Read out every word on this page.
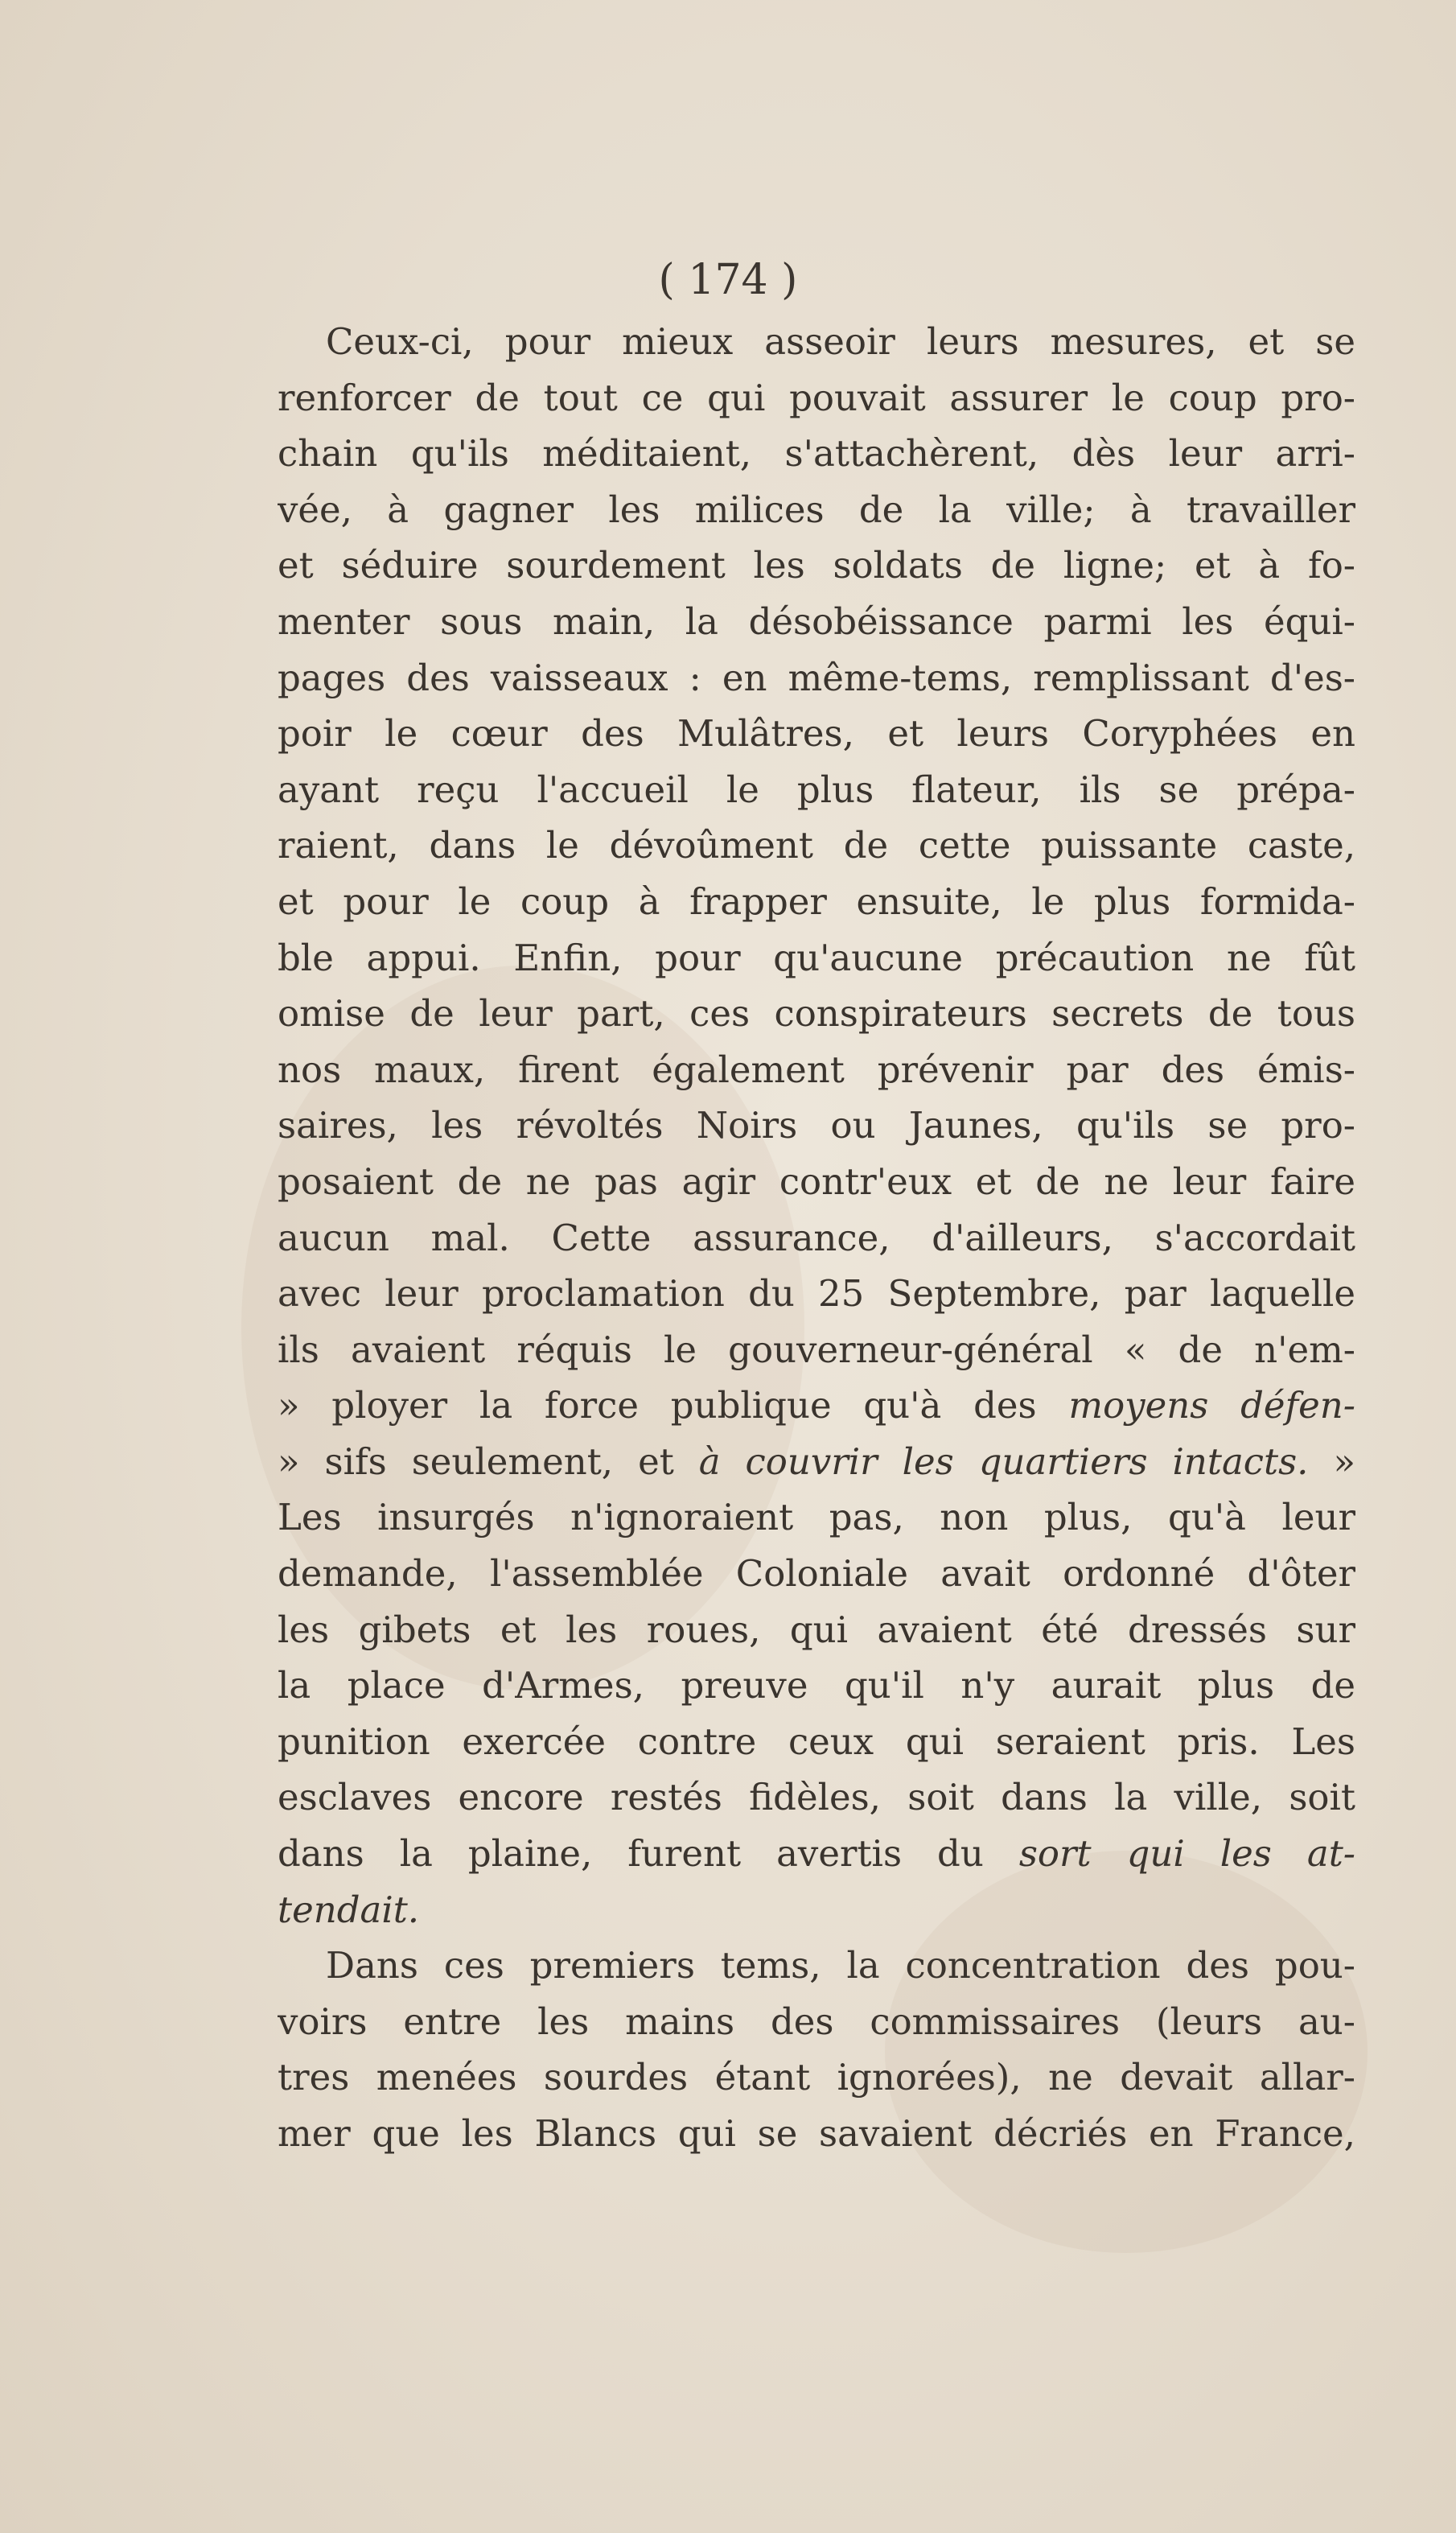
( 174 )
Ceux-ci, pour mieux asseoir leurs mesures, et se
renforcer de tout ce qui pouvait assurer le coup pro-
chain qu'ils méditaient, s'attachèrent, dès leur arri-
vée, à gagner les milices de la ville; à travailler
et séduire sourdement les soldats de ligne; et à fo-
menter sous main, la désobéissance parmi les équi-
pages des vaisseaux : en même-tems, remplissant d'es-
poir le cœur des Mulâtres, et leurs Coryphées en
ayant reçu l'accueil le plus flateur, ils se prépa-
raient, dans le dévoûment de cette puissante caste,
et pour le coup à frapper ensuite, le plus formida-
ble appui. Enfin, pour qu'aucune précaution ne fût
omise de leur part, ces conspirateurs secrets de tous
nos maux, firent également prévenir par des émis-
saires, les révoltés Noirs ou Jaunes, qu'ils se pro-
posaient de ne pas agir contr'eux et de ne leur faire
aucun mal. Cette assurance, d'ailleurs, s'accordait
avec leur proclamation du 25 Septembre, par laquelle
ils avaient réquis le gouverneur-général « de n'em-
» ployer la force publique qu'à des moyens défen-
» sifs seulement, et à couvrir les quartiers intacts. »
Les insurgés n'ignoraient pas, non plus, qu'à leur
demande, l'assemblée Coloniale avait ordonné d'ôter
les gibets et les roues, qui avaient été dressés sur
la place d'Armes, preuve qu'il n'y aurait plus de
punition exercée contre ceux qui seraient pris. Les
esclaves encore restés fidèles, soit dans la ville, soit
dans la plaine, furent avertis du sort qui les at-
tendait.
Dans ces premiers tems, la concentration des pou-
voirs entre les mains des commissaires (leurs au-
tres menées sourdes étant ignorées), ne devait allar-
mer que les Blancs qui se savaient décriés en France,
